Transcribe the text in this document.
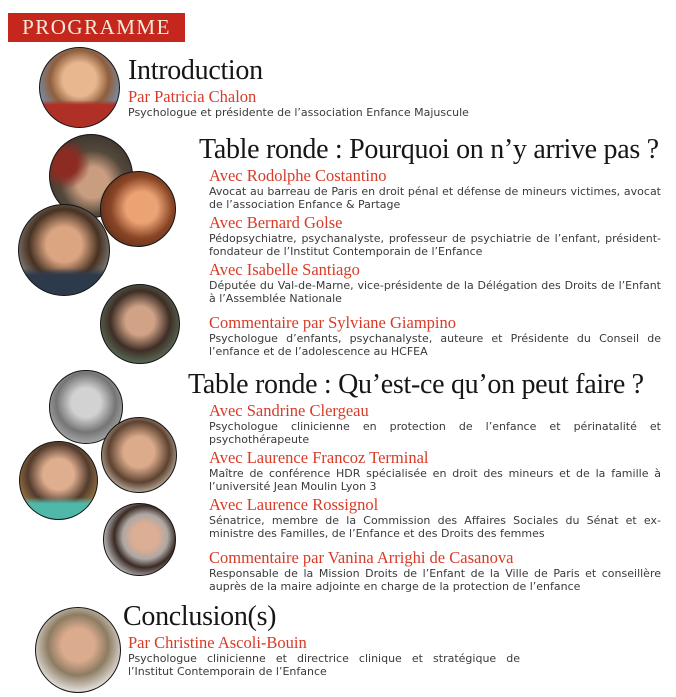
PROGRAMME
Introduction
Par Patricia Chalon
Psychologue et présidente de l’association Enfance Majuscule
Table ronde : Pourquoi on n’y arrive pas ?
Avec Rodolphe Costantino
Avocat au barreau de Paris en droit pénal et défense de mineurs victimes, avocat de l’association Enfance & Partage
Avec Bernard Golse
Pédopsychiatre, psychanalyste, professeur de psychiatrie de l’enfant, président-fondateur de l’Institut Contemporain de l’Enfance
Avec Isabelle Santiago
Députée du Val-de-Marne, vice-présidente de la Délégation des Droits de l’Enfant à l’Assemblée Nationale
Commentaire par Sylviane Giampino
Psychologue d’enfants, psychanalyste, auteure et Présidente du Conseil de l’enfance et de l’adolescence au HCFEA
Table ronde : Qu’est-ce qu’on peut faire ?
Avec Sandrine Clergeau
Psychologue clinicienne en protection de l’enfance et périnatalité et psychothérapeute
Avec Laurence Francoz Terminal
Maître de conférence HDR spécialisée en droit des mineurs et de la famille à l’université Jean Moulin Lyon 3
Avec Laurence Rossignol
Sénatrice, membre de la Commission des Affaires Sociales du Sénat et ex-ministre des Familles, de l’Enfance et des Droits des femmes
Commentaire par Vanina Arrighi de Casanova
Responsable de la Mission Droits de l’Enfant de la Ville de Paris et conseillère auprès de la maire adjointe en charge de la protection de l’enfance
Conclusion(s)
Par Christine Ascoli-Bouin
Psychologue clinicienne et directrice clinique et stratégique de l’Institut Contemporain de l’Enfance
